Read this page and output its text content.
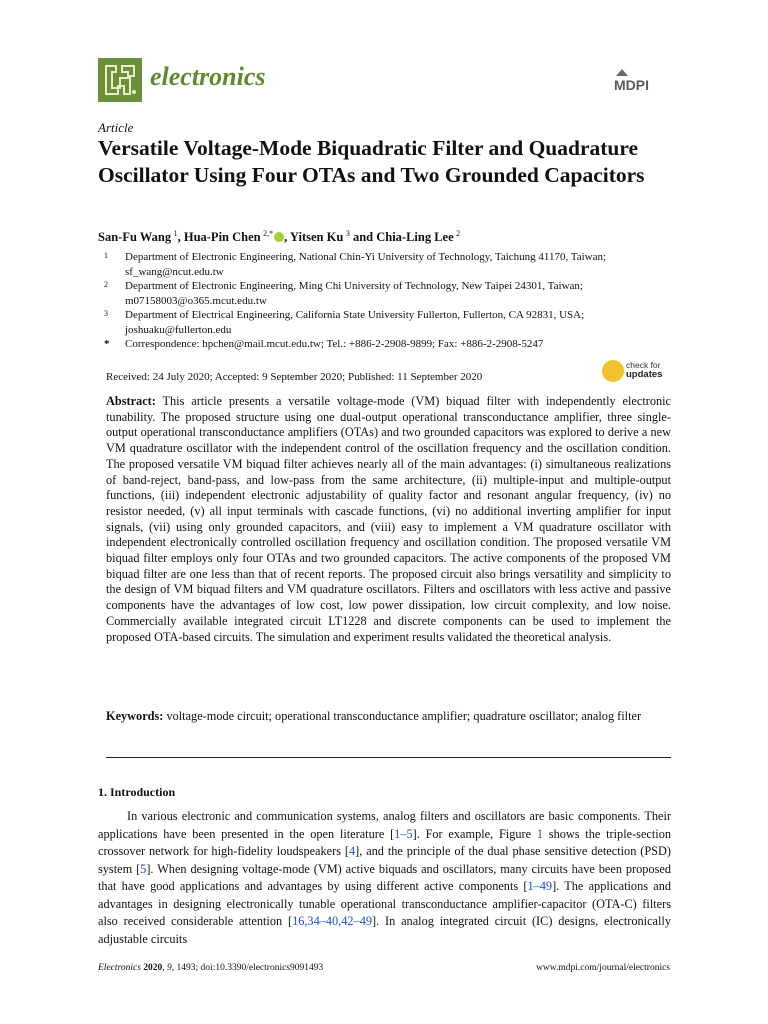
electronics	MDPI
Article
Versatile Voltage-Mode Biquadratic Filter and Quadrature Oscillator Using Four OTAs and Two Grounded Capacitors
San-Fu Wang  $^1$, Hua-Pin Chen  $^{2,*}$ , Yitsen Ku  $^3$ and Chia-Ling Lee  $^2$
1 Department of Electronic Engineering, National Chin-Yi University of Technology, Taichung 41170, Taiwan; sf_wang@ncut.edu.tw
2 Department of Electronic Engineering, Ming Chi University of Technology, New Taipei 24301, Taiwan; m07158003@o365.mcut.edu.tw
3 Department of Electrical Engineering, California State University Fullerton, Fullerton, CA 92831, USA; joshuaku@fullerton.edu
* Correspondence: hpchen@mail.mcut.edu.tw; Tel.: +886-2-2908-9899; Fax: +886-2-2908-5247
check for
updates
Received: 24 July 2020; Accepted: 9 September 2020; Published: 11 September 2020
Abstract: This article presents a versatile voltage-mode (VM) biquad filter with independently electronic tunability. The proposed structure using one dual-output operational transconductance amplifier, three single-output operational transconductance amplifiers (OTAs) and two grounded capacitors was explored to derive a new VM quadrature oscillator with the independent control of the oscillation frequency and the oscillation condition. The proposed versatile VM biquad filter achieves nearly all of the main advantages: (i) simultaneous realizations of band-reject, band-pass, and low-pass from the same architecture, (ii) multiple-input and multiple-output functions, (iii) independent electronic adjustability of quality factor and resonant angular frequency, (iv) no resistor needed, (v) all input terminals with cascade functions, (vi) no additional inverting amplifier for input signals, (vii) using only grounded capacitors, and (viii) easy to implement a VM quadrature oscillator with independent electronically controlled oscillation frequency and oscillation condition. The proposed versatile VM biquad filter employs only four OTAs and two grounded capacitors. The active components of the proposed VM biquad filter are one less than that of recent reports. The proposed circuit also brings versatility and simplicity to the design of VM biquad filters and VM quadrature oscillators. Filters and oscillators with less active and passive components have the advantages of low cost, low power dissipation, low circuit complexity, and low noise. Commercially available integrated circuit LT1228 and discrete components can be used to implement the proposed OTA-based circuits. The simulation and experiment results validated the theoretical analysis.
Keywords: voltage-mode circuit; operational transconductance amplifier; quadrature oscillator; analog filter
1. Introduction
In various electronic and communication systems, analog filters and oscillators are basic components. Their applications have been presented in the open literature [1–5]. For example, Figure 1 shows the triple-section crossover network for high-fidelity loudspeakers [4], and the principle of the dual phase sensitive detection (PSD) system [5]. When designing voltage-mode (VM) active biquads and oscillators, many circuits have been proposed that have good applications and advantages by using different active components [1–49]. The applications and advantages in designing electronically tunable operational transconductance amplifier-capacitor (OTA-C) filters also received considerable attention [16,34–40,42–49]. In analog integrated circuit (IC) designs, electronically adjustable circuits
Electronics 2020, 9, 1493; doi:10.3390/electronics9091493	www.mdpi.com/journal/electronics
